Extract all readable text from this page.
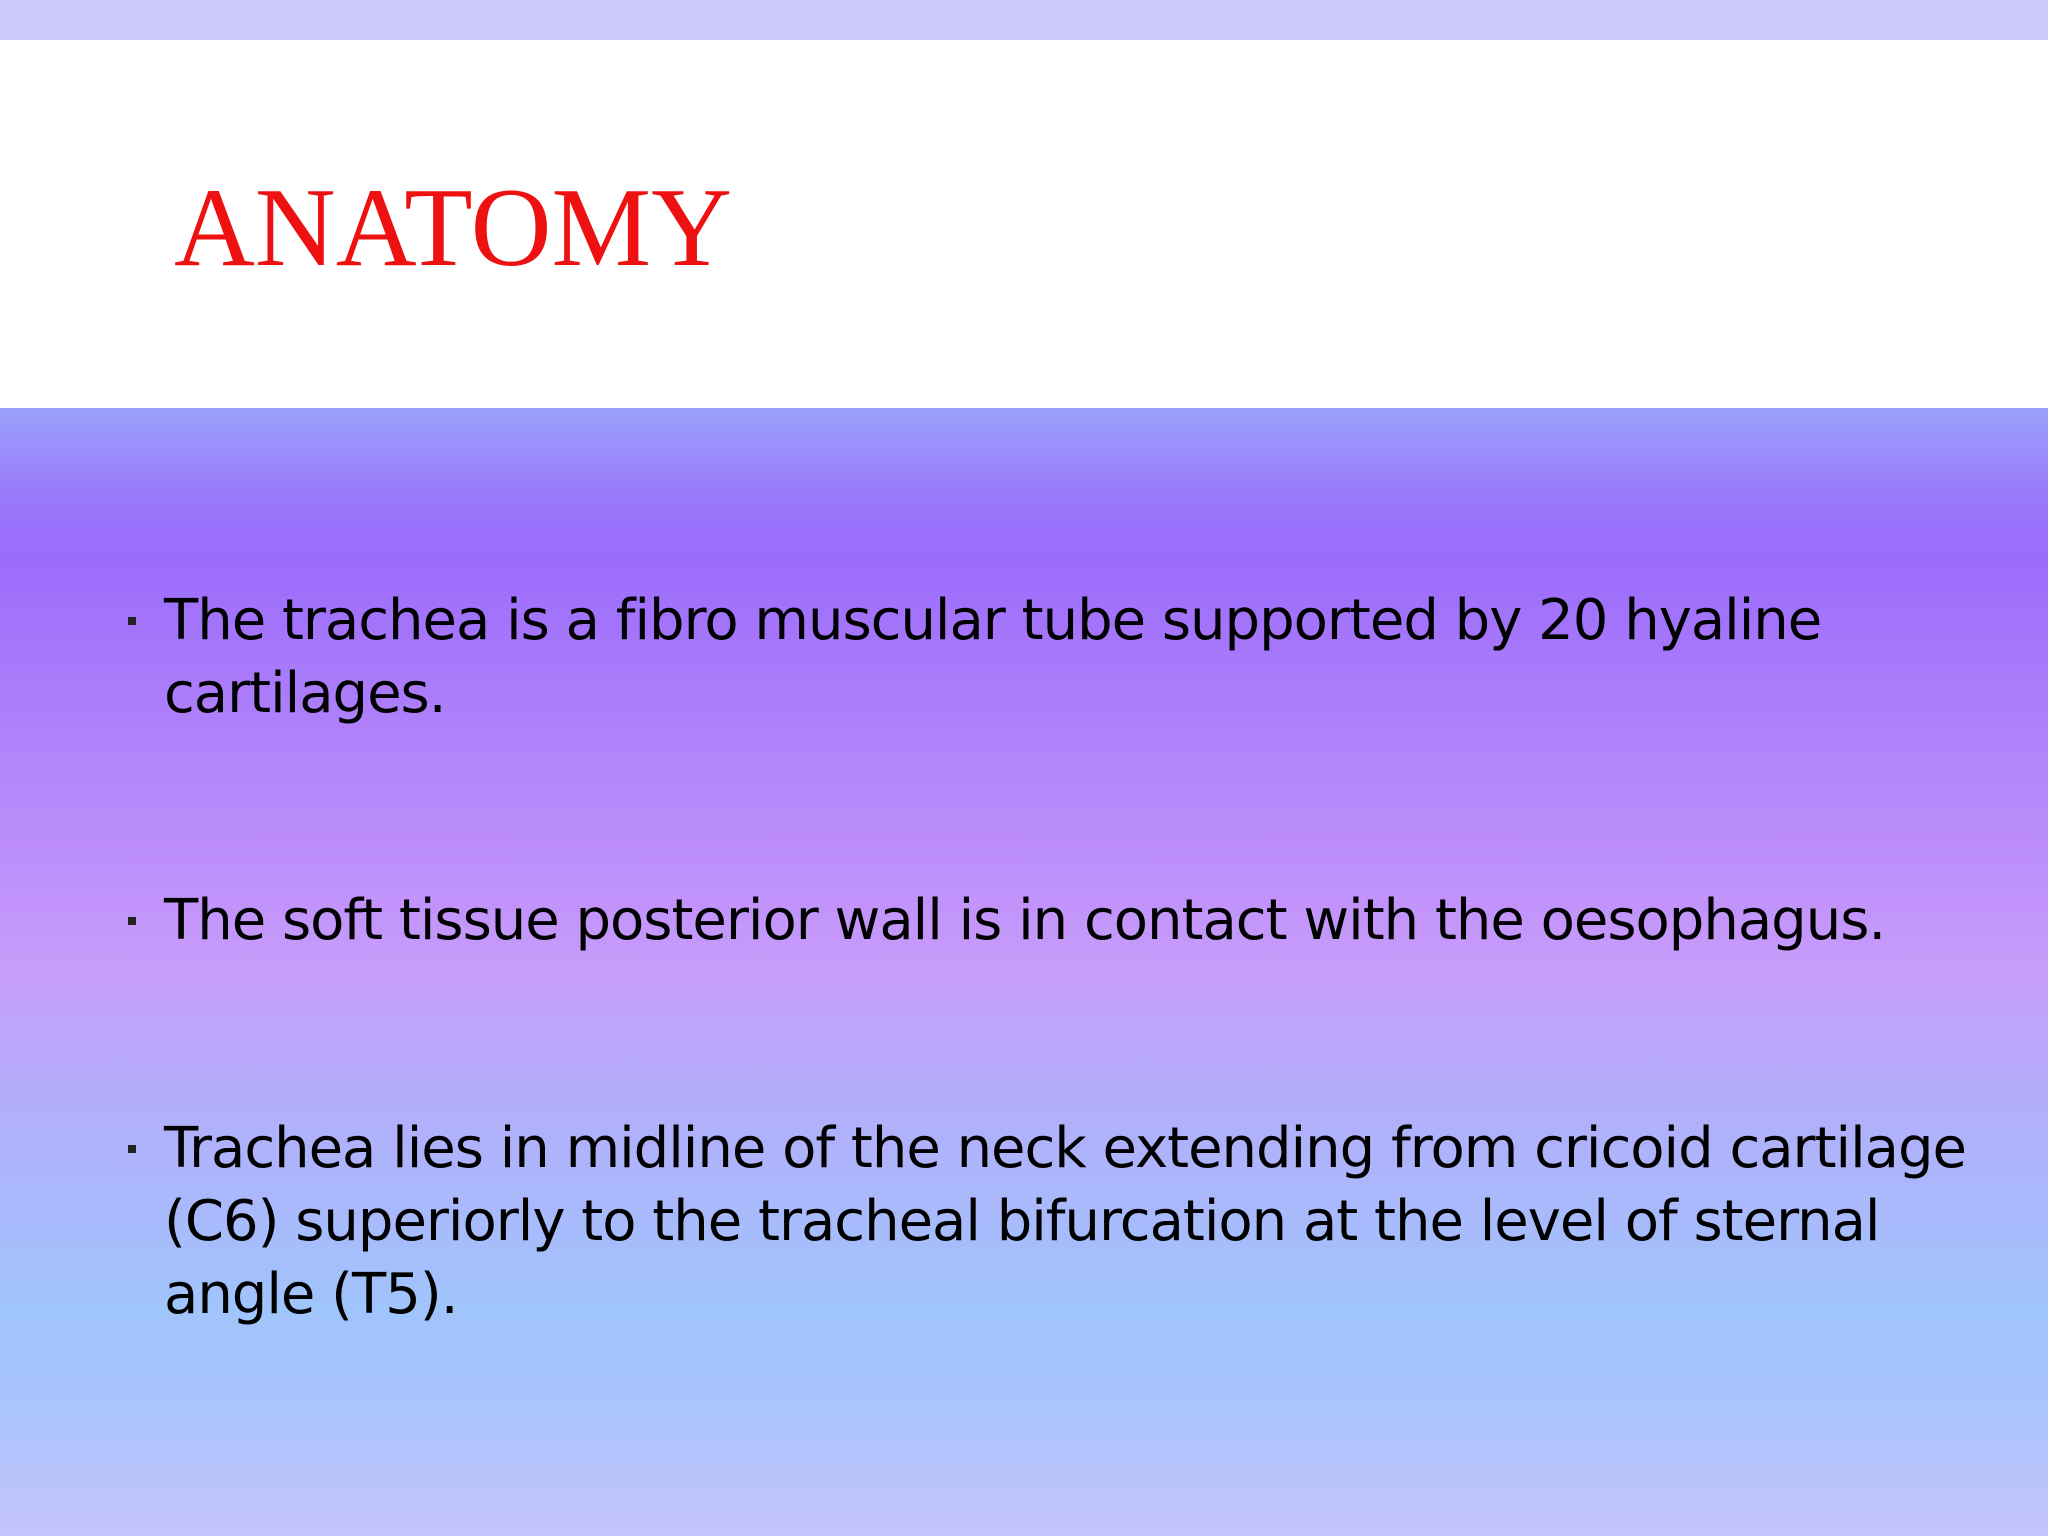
ANATOMY
The trachea is a fibro muscular tube supported by 20 hyaline cartilages.
The soft tissue posterior wall is in contact with the oesophagus.
Trachea lies in midline of the neck extending from cricoid cartilage (C6) superiorly to the tracheal bifurcation at the level of sternal angle (T5).
